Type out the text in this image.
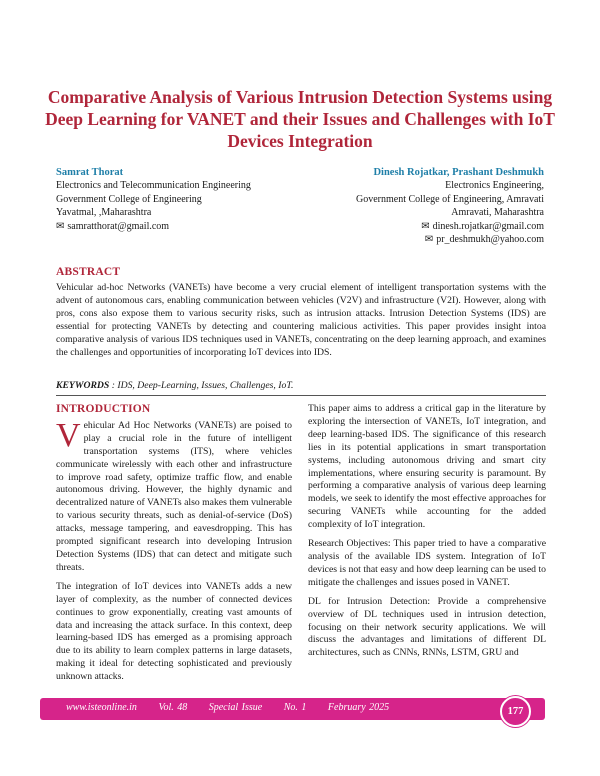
Comparative Analysis of Various Intrusion Detection Systems using Deep Learning for VANET and their Issues and Challenges with IoT Devices Integration
Samrat Thorat
Electronics and Telecommunication Engineering
Government College of Engineering
Yavatmal, ,Maharashtra
✉ samratthorat@gmail.com
Dinesh Rojatkar, Prashant Deshmukh
Electronics Engineering,
Government College of Engineering, Amravati
Amravati, Maharashtra
✉ dinesh.rojatkar@gmail.com
✉ pr_deshmukh@yahoo.com
ABSTRACT
Vehicular ad-hoc Networks (VANETs) have become a very crucial element of intelligent transportation systems with the advent of autonomous cars, enabling communication between vehicles (V2V) and infrastructure (V2I). However, along with pros, cons also expose them to various security risks, such as intrusion attacks. Intrusion Detection Systems (IDS) are essential for protecting VANETs by detecting and countering malicious activities. This paper provides insight intoa comparative analysis of various IDS techniques used in VANETs, concentrating on the deep learning approach, and examines the challenges and opportunities of incorporating IoT devices into IDS.
KEYWORDS : IDS, Deep-Learning, Issues, Challenges, IoT.
INTRODUCTION

Vehicular Ad Hoc Networks (VANETs) are poised to play a crucial role in the future of intelligent transportation systems (ITS), where vehicles communicate wirelessly with each other and infrastructure to improve road safety, optimize traffic flow, and enable autonomous driving. However, the highly dynamic and decentralized nature of VANETs also makes them vulnerable to various security threats, such as denial-of-service (DoS) attacks, message tampering, and eavesdropping. This has prompted significant research into developing Intrusion Detection Systems (IDS) that can detect and mitigate such threats.

The integration of IoT devices into VANETs adds a new layer of complexity, as the number of connected devices continues to grow exponentially, creating vast amounts of data and increasing the attack surface. In this context, deep learning-based IDS has emerged as a promising approach due to its ability to learn complex patterns in large datasets, making it ideal for detecting sophisticated and previously unknown attacks.

This paper aims to address a critical gap in the literature by exploring the intersection of VANETs, IoT integration, and deep learning-based IDS. The significance of this research lies in its potential applications in smart transportation systems, including autonomous driving and smart city implementations, where ensuring security is paramount. By performing a comparative analysis of various deep learning models, we seek to identify the most effective approaches for securing VANETs while accounting for the added complexity of IoT integration.

Research Objectives: This paper tried to have a comparative analysis of the available IDS system. Integration of IoT devices is not that easy and how deep learning can be used to mitigate the challenges and issues posed in VANET.

DL for Intrusion Detection: Provide a comprehensive overview of DL techniques used in intrusion detection, focusing on their network security applications. We will discuss the advantages and limitations of different DL architectures, such as CNNs, RNNs, LSTM, GRU and

www.isteonline.in Vol. 48 Special Issue No. 1 February 2025	177
